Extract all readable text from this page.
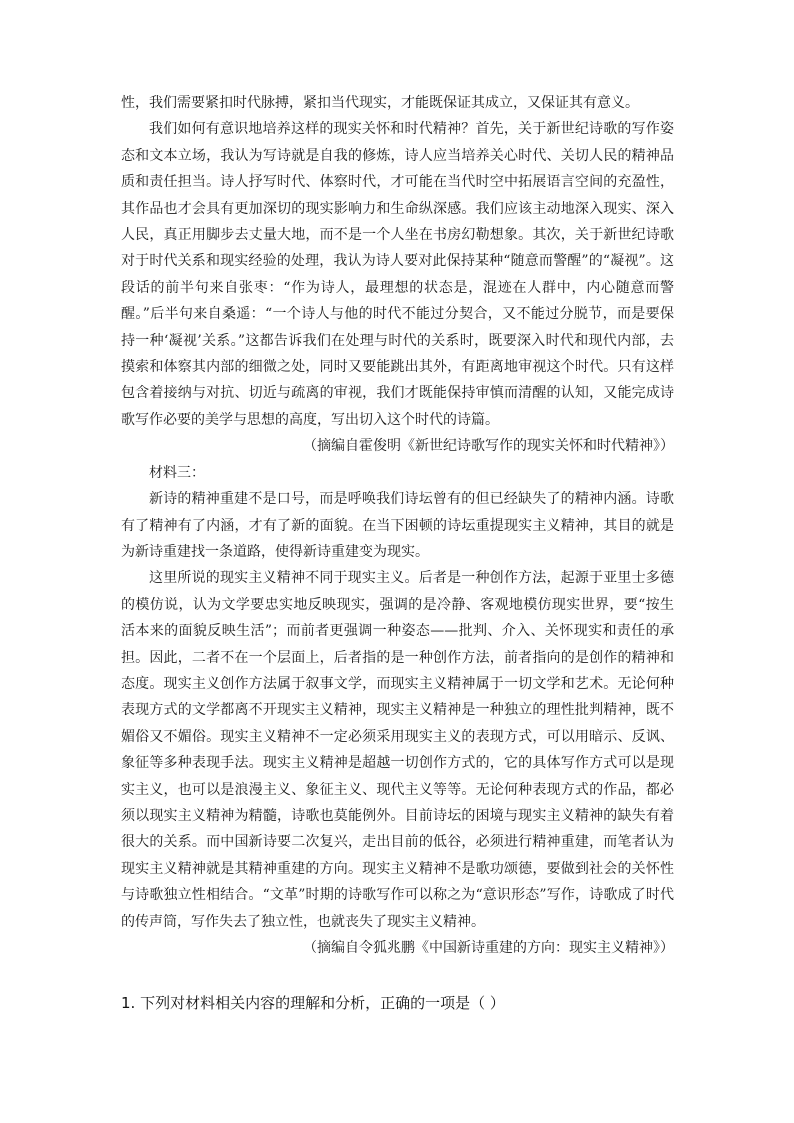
性，我们需要紧扣时代脉搏，紧扣当代现实，才能既保证其成立，又保证其有意义。

我们如何有意识地培养这样的现实关怀和时代精神？首先，关于新世纪诗歌的写作姿态和文本立场，我认为写诗就是自我的修炼，诗人应当培养关心时代、关切人民的精神品质和责任担当。诗人抒写时代、体察时代，才可能在当代时空中拓展语言空间的充盈性，其作品也才会具有更加深切的现实影响力和生命纵深感。我们应该主动地深入现实、深入人民，真正用脚步去丈量大地，而不是一个人坐在书房幻勒想象。其次，关于新世纪诗歌对于时代关系和现实经验的处理，我认为诗人要对此保持某种“随意而警醒”的“凝视”。这段话的前半句来自张枣：“作为诗人，最理想的状态是，混迹在人群中，内心随意而警醒。”后半句来自桑遥：“一个诗人与他的时代不能过分契合，又不能过分脱节，而是要保持一种‘凝视’关系。”这都告诉我们在处理与时代的关系时，既要深入时代和现代内部，去摸索和体察其内部的细微之处，同时又要能跳出其外，有距离地审视这个时代。只有这样包含着接纳与对抗、切近与疏离的审视，我们才既能保持审慎而清醒的认知，又能完成诗歌写作必要的美学与思想的高度，写出切入这个时代的诗篇。

（摘编自霍俊明《新世纪诗歌写作的现实关怀和时代精神》）

材料三：

新诗的精神重建不是口号，而是呼唤我们诗坛曾有的但已经缺失了的精神内涵。诗歌有了精神有了内涵，才有了新的面貌。在当下困顿的诗坛重提现实主义精神，其目的就是为新诗重建找一条道路，使得新诗重建变为现实。

这里所说的现实主义精神不同于现实主义。后者是一种创作方法，起源于亚里士多德的模仿说，认为文学要忠实地反映现实，强调的是冷静、客观地模仿现实世界，要“按生活本来的面貌反映生活”；而前者更强调一种姿态——批判、介入、关怀现实和责任的承担。因此，二者不在一个层面上，后者指的是一种创作方法，前者指向的是创作的精神和态度。现实主义创作方法属于叙事文学，而现实主义精神属于一切文学和艺术。无论何种表现方式的文学都离不开现实主义精神，现实主义精神是一种独立的理性批判精神，既不媚俗又不媚俗。现实主义精神不一定必须采用现实主义的表现方式，可以用暗示、反讽、象征等多种表现手法。现实主义精神是超越一切创作方式的，它的具体写作方式可以是现实主义，也可以是浪漫主义、象征主义、现代主义等等。无论何种表现方式的作品，都必须以现实主义精神为精髓，诗歌也莫能例外。目前诗坛的困境与现实主义精神的缺失有着很大的关系。而中国新诗要二次复兴，走出目前的低谷，必须进行精神重建，而笔者认为现实主义精神就是其精神重建的方向。现实主义精神不是歌功颂德，要做到社会的关怀性与诗歌独立性相结合。“文革”时期的诗歌写作可以称之为“意识形态”写作，诗歌成了时代的传声筒，写作失去了独立性，也就丧失了现实主义精神。

（摘编自令狐兆鹏《中国新诗重建的方向：现实主义精神》）

1. 下列对材料相关内容的理解和分析，正确的一项是（ ）
